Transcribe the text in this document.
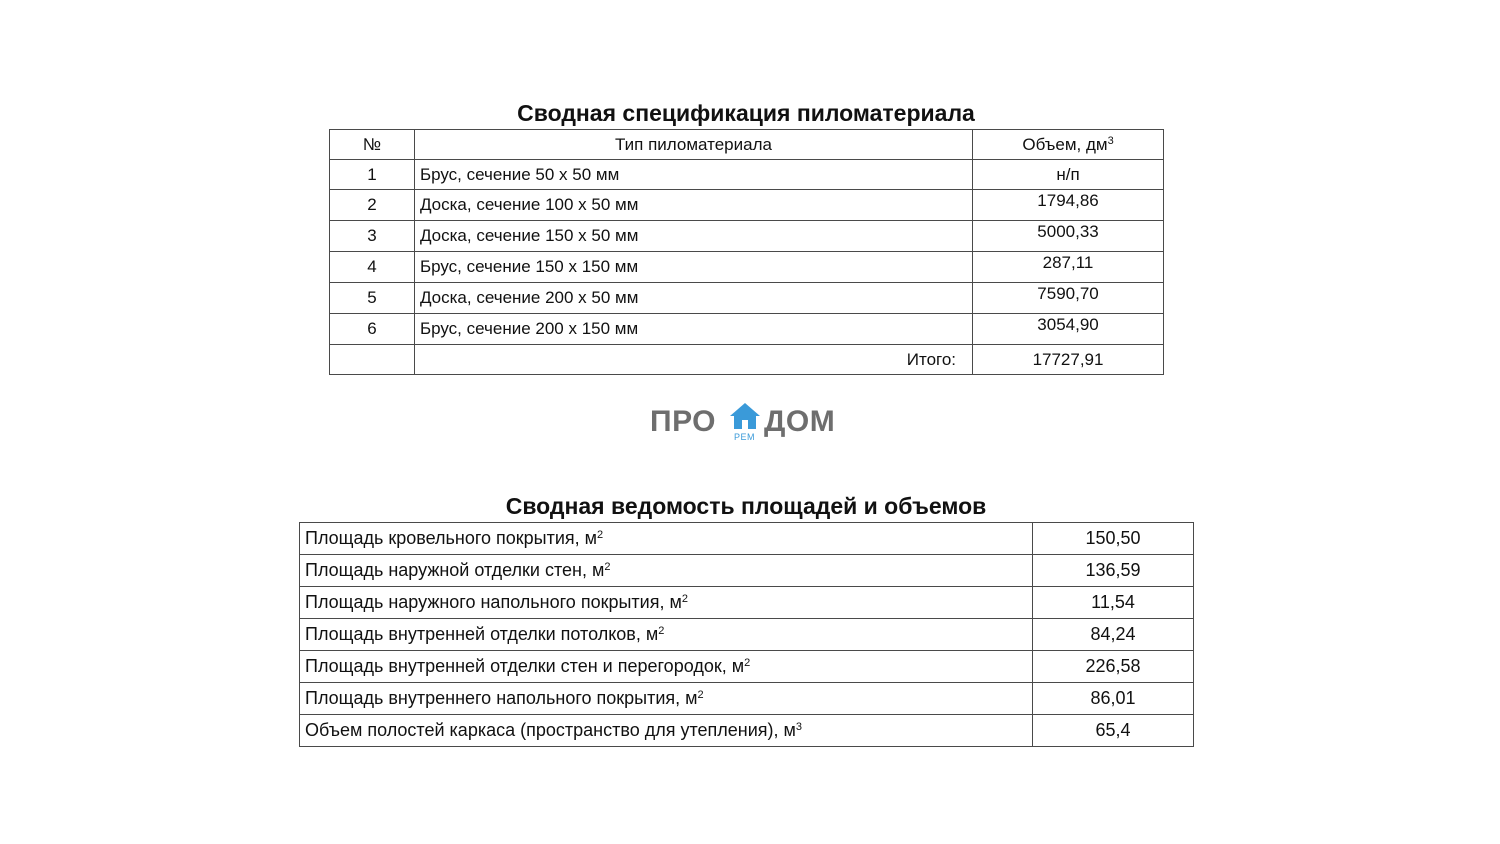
Сводная спецификация пиломатериала
№	Тип пиломатериала	Объем, $дм^3$
1	Брус, сечение 50 х 50 мм	н/п
2	Доска, сечение 100 х 50 мм	1794,86
3	Доска, сечение 150 х 50 мм	5000,33
4	Брус, сечение 150 х 150 мм	287,11
5	Доска, сечение 200 х 50 мм	7590,70
6	Брус, сечение 200 х 150 мм	3054,90
	Итого:	17727,91
ПРО РЕМ ДОМ
Сводная ведомость площадей и объемов
Площадь кровельного покрытия, $м^2$	150,50
Площадь наружной отделки стен, $м^2$	136,59
Площадь наружного напольного покрытия, $м^2$	11,54
Площадь внутренней отделки потолков, $м^2$	84,24
Площадь внутренней отделки стен и перегородок, $м^2$	226,58
Площадь внутреннего напольного покрытия, $м^2$	86,01
Объем полостей каркаса (пространство для утепления), $м^3$	65,4
